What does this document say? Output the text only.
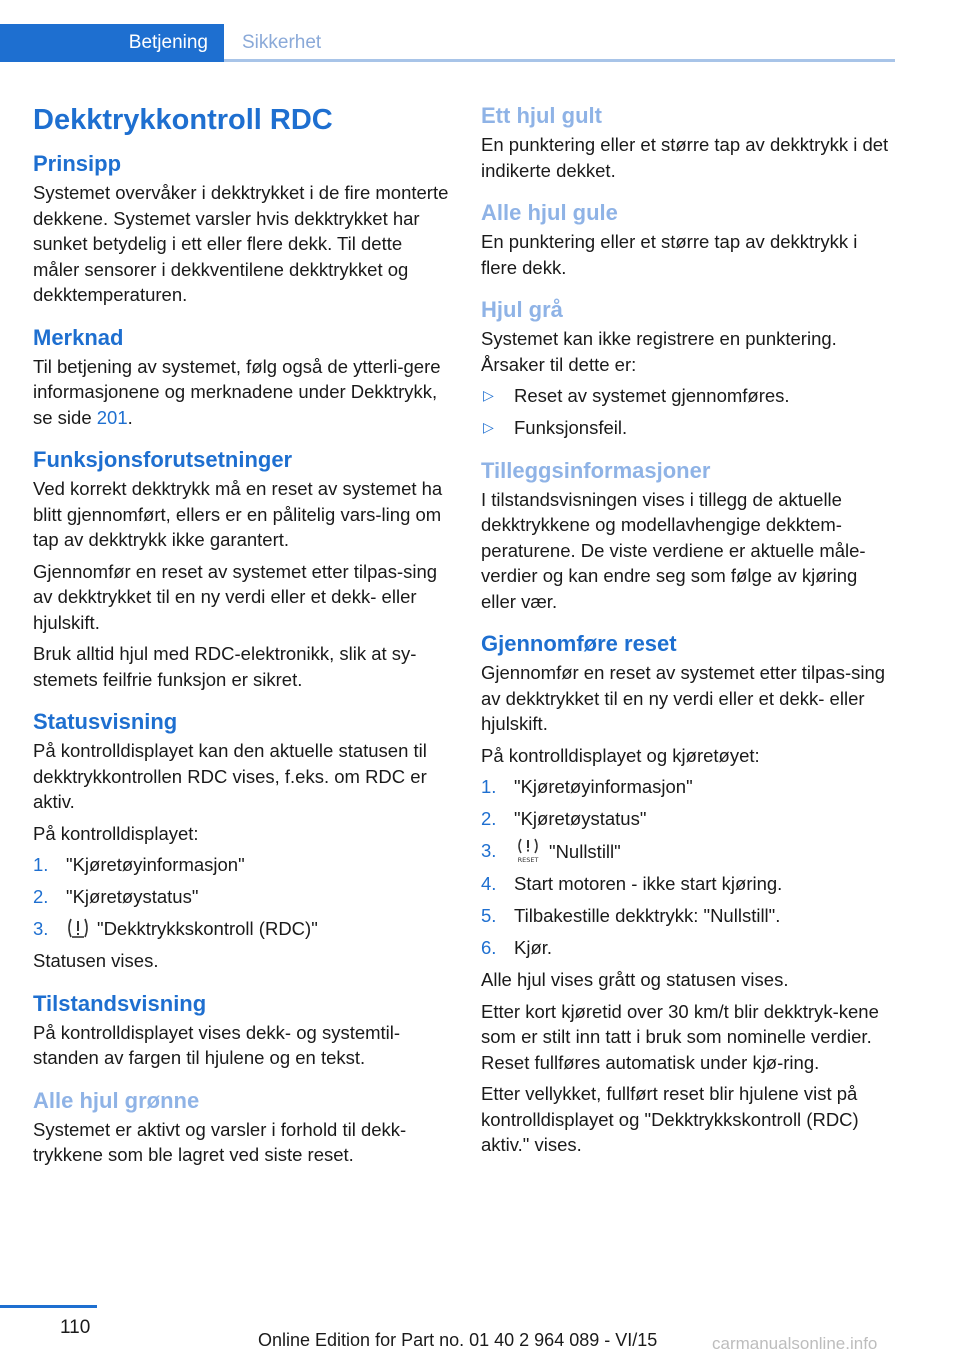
Betjening Sikkerhet
Dekktrykkontroll RDC
Prinsipp

Systemet overvåker i dekktrykket i de fire monterte dekkene. Systemet varsler hvis dekktrykket har sunket betydelig i ett eller flere dekk. Til dette måler sensorer i dekkventilene dekktrykket og dekktemperaturen.

Merknad

Til betjening av systemet, følg også de ytterli-gere informasjonene og merknadene under Dekktrykk, se side 201.

Funksjonsforutsetninger

Ved korrekt dekktrykk må en reset av systemet ha blitt gjennomført, ellers er en pålitelig vars-ling om tap av dekktrykk ikke garantert.

Gjennomfør en reset av systemet etter tilpas-sing av dekktrykket til en ny verdi eller et dekk- eller hjulskift.

Bruk alltid hjul med RDC-elektronikk, slik at sy-stemets feilfrie funksjon er sikret.

Statusvisning

På kontrolldisplayet kan den aktuelle statusen til dekktrykkontrollen RDC vises, f.eks. om RDC er aktiv.

På kontrolldisplayet:

1. "Kjøretøyinformasjon"
2. "Kjøretøystatus"
3.	"Dekktrykkskontroll (RDC)"

Statusen vises.

Tilstandsvisning

På kontrolldisplayet vises dekk- og systemtil-standen av fargen til hjulene og en tekst.

Alle hjul grønne

Systemet er aktivt og varsler i forhold til dekk-trykkene som ble lagret ved siste reset.

Ett hjul gult

En punktering eller et større tap av dekktrykk i det indikerte dekket.

Alle hjul gule

En punktering eller et større tap av dekktrykk i flere dekk.

Hjul grå

Systemet kan ikke registrere en punktering. Årsaker til dette er:

▷ Reset av systemet gjennomføres.
▷ Funksjonsfeil.
Tilleggsinformasjoner

I tilstandsvisningen vises i tillegg de aktuelle dekktrykkene og modellavhengige dekktem-peraturene. De viste verdiene er aktuelle måle-verdier og kan endre seg som følge av kjøring eller vær.

Gjennomføre reset

Gjennomfør en reset av systemet etter tilpas-sing av dekktrykket til en ny verdi eller et dekk- eller hjulskift.

På kontrolldisplayet og kjøretøyet:

1. "Kjøretøyinformasjon"
2. "Kjøretøystatus"
3.	RESET "Nullstill"
4. Start motoren - ikke start kjøring.
5. Tilbakestille dekktrykk: "Nullstill".
6. Kjør.

Alle hjul vises grått og statusen vises.

Etter kort kjøretid over 30 km/t blir dekktryk-kene som er stilt inn tatt i bruk som nominelle verdier. Reset fullføres automatisk under kjø-ring.

Etter vellykket, fullført reset blir hjulene vist på kontrolldisplayet og "Dekktrykkskontroll (RDC) aktiv." vises.

110
Online Edition for Part no. 01 40 2 964 089 - VI/15	carmanualsonline.info
